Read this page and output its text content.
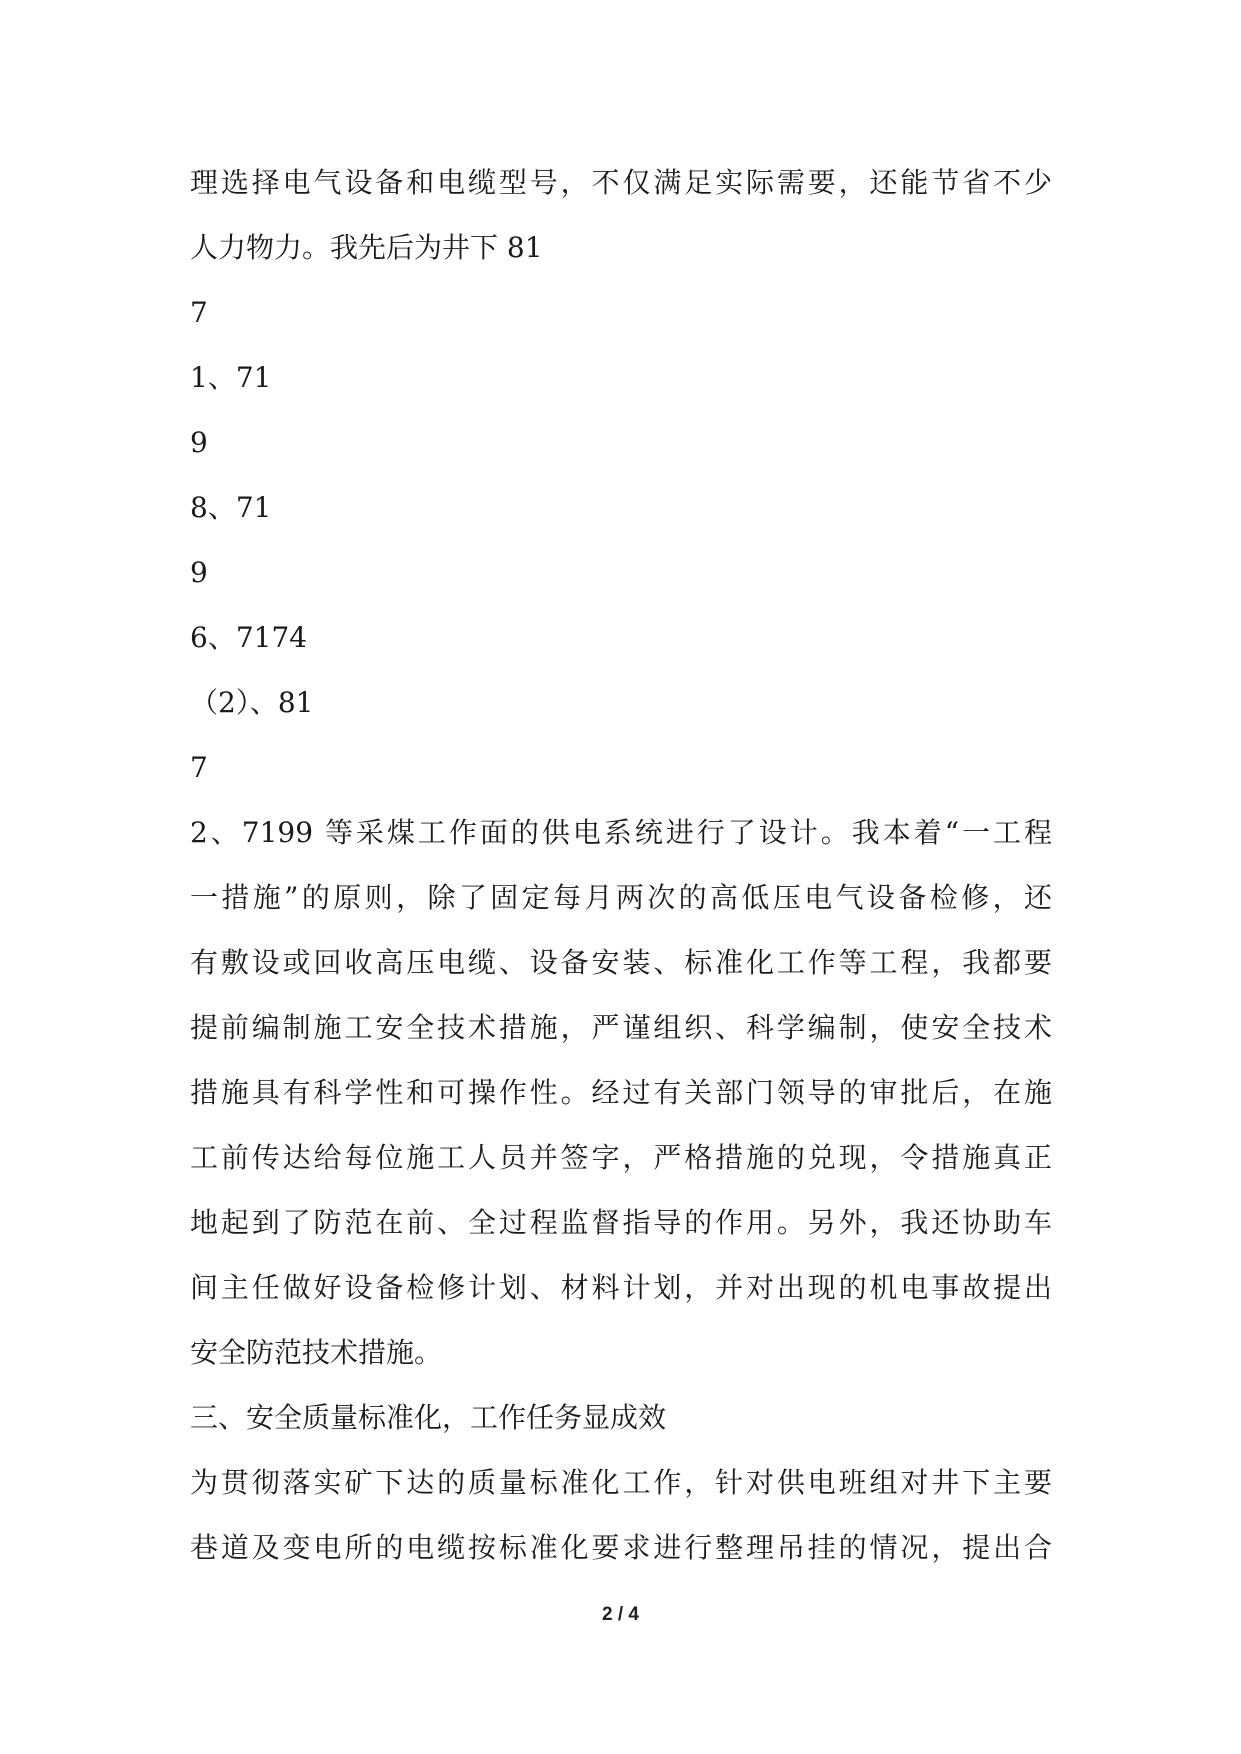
理选择电气设备和电缆型号，不仅满足实际需要，还能节省不少
人力物力。我先后为井下 81
7
1、71
9
8、71
9
6、7174
（2）、81
7
2、7199 等采煤工作面的供电系统进行了设计。我本着“一工程
一措施”的原则，除了固定每月两次的高低压电气设备检修，还
有敷设或回收高压电缆、设备安装、标准化工作等工程，我都要
提前编制施工安全技术措施，严谨组织、科学编制，使安全技术
措施具有科学性和可操作性。经过有关部门领导的审批后，在施
工前传达给每位施工人员并签字，严格措施的兑现，令措施真正
地起到了防范在前、全过程监督指导的作用。另外，我还协助车
间主任做好设备检修计划、材料计划，并对出现的机电事故提出
安全防范技术措施。
三、安全质量标准化，工作任务显成效
为贯彻落实矿下达的质量标准化工作，针对供电班组对井下主要
巷道及变电所的电缆按标准化要求进行整理吊挂的情况，提出合
2 / 4
